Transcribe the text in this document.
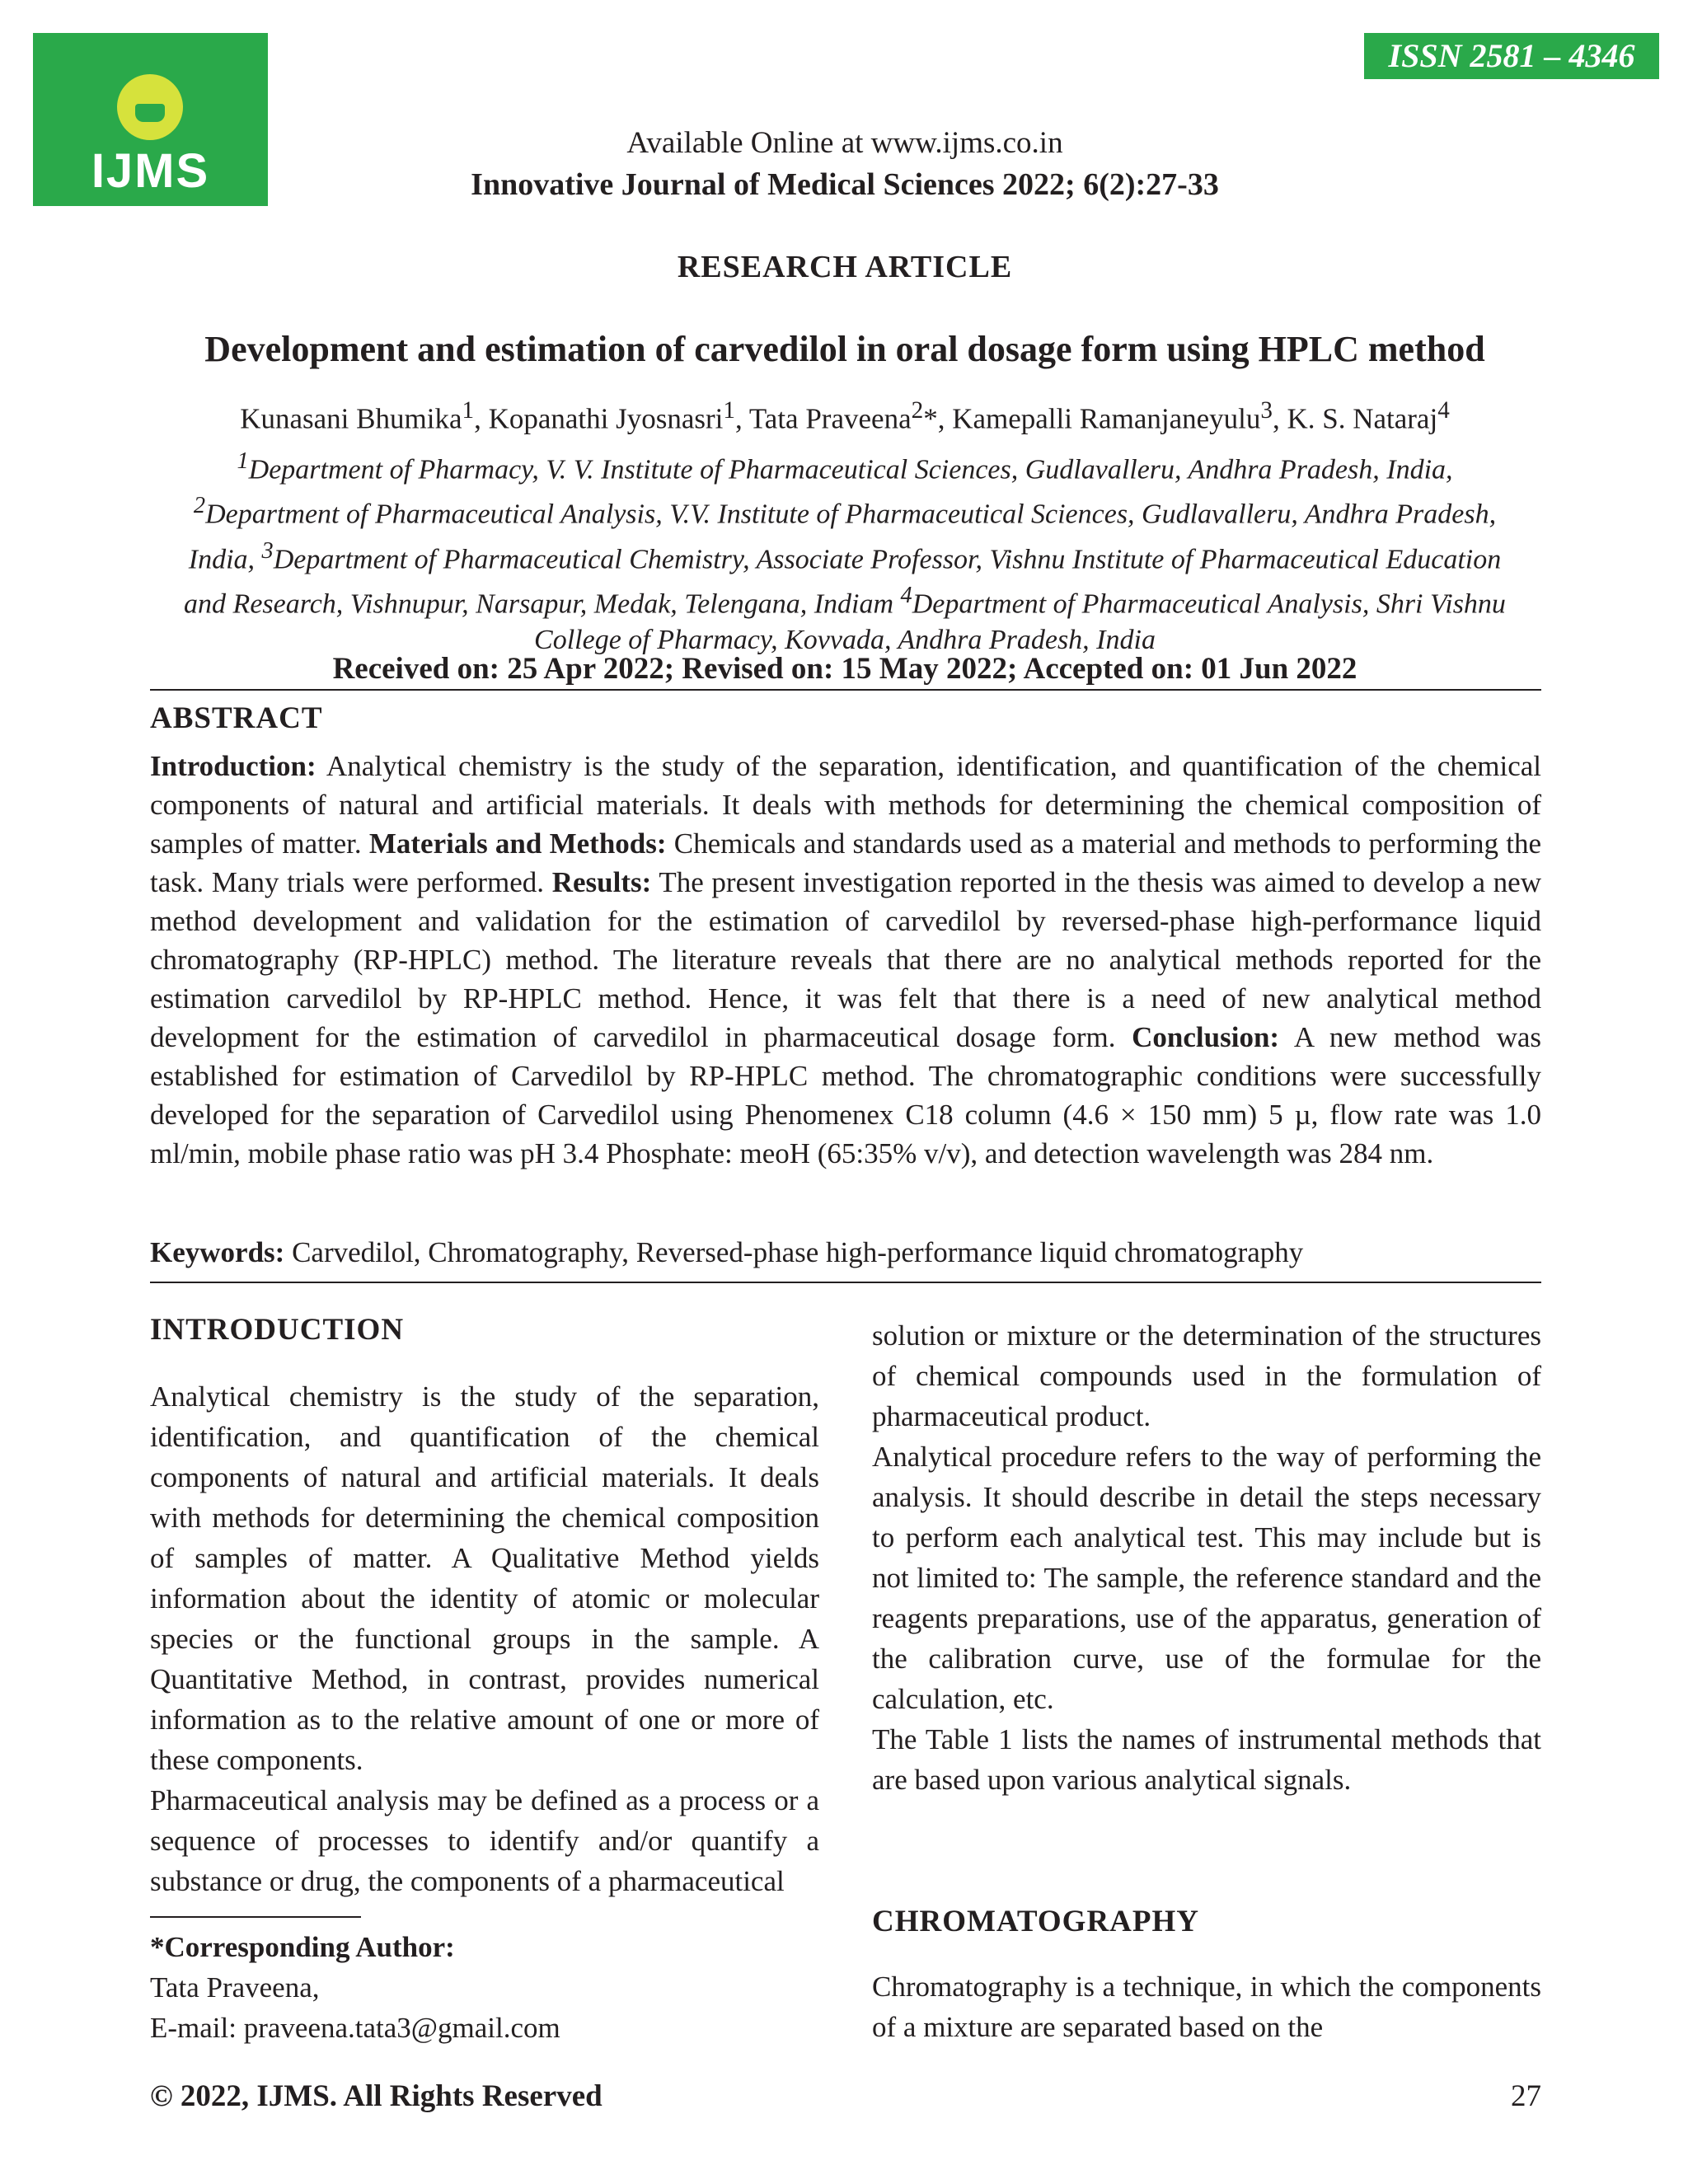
IJMS
ISSN 2581 – 4346
Available Online at www.ijms.co.in
Innovative Journal of Medical Sciences 2022; 6(2):27-33
RESEARCH ARTICLE
Development and estimation of carvedilol in oral dosage form using HPLC method
Kunasani Bhumika$^1$, Kopanathi Jyosnasri$^1$, Tata Praveena$^2$*, Kamepalli Ramanjaneyulu$^3$, K. S. Nataraj$^4$
$^1$Department of Pharmacy, V. V. Institute of Pharmaceutical Sciences, Gudlavalleru, Andhra Pradesh, India, $^2$Department of Pharmaceutical Analysis, V.V. Institute of Pharmaceutical Sciences, Gudlavalleru, Andhra Pradesh, India, $^3$Department of Pharmaceutical Chemistry, Associate Professor, Vishnu Institute of Pharmaceutical Education and Research, Vishnupur, Narsapur, Medak, Telengana, Indiam $^4$Department of Pharmaceutical Analysis, Shri Vishnu College of Pharmacy, Kovvada, Andhra Pradesh, India
Received on: 25 Apr 2022; Revised on: 15 May 2022; Accepted on: 01 Jun 2022
ABSTRACT
Introduction: Analytical chemistry is the study of the separation, identification, and quantification of the chemical components of natural and artificial materials. It deals with methods for determining the chemical composition of samples of matter. Materials and Methods: Chemicals and standards used as a material and methods to performing the task. Many trials were performed. Results: The present investigation reported in the thesis was aimed to develop a new method development and validation for the estimation of carvedilol by reversed-phase high-performance liquid chromatography (RP-HPLC) method. The literature reveals that there are no analytical methods reported for the estimation carvedilol by RP-HPLC method. Hence, it was felt that there is a need of new analytical method development for the estimation of carvedilol in pharmaceutical dosage form. Conclusion: A new method was established for estimation of Carvedilol by RP-HPLC method. The chromatographic conditions were successfully developed for the separation of Carvedilol using Phenomenex C18 column (4.6 × 150 mm) 5 µ, flow rate was 1.0 ml/min, mobile phase ratio was pH 3.4 Phosphate: meoH (65:35% v/v), and detection wavelength was 284 nm.
Keywords: Carvedilol, Chromatography, Reversed-phase high-performance liquid chromatography
INTRODUCTION

Analytical chemistry is the study of the separation, identification, and quantification of the chemical components of natural and artificial materials. It deals with methods for determining the chemical composition of samples of matter. A Qualitative Method yields information about the identity of atomic or molecular species or the functional groups in the sample. A Quantitative Method, in contrast, provides numerical information as to the relative amount of one or more of these components.

Pharmaceutical analysis may be defined as a process or a sequence of processes to identify and/or quantify a substance or drug, the components of a pharmaceutical

*Corresponding Author:
Tata Praveena,
E-mail: praveena.tata3@gmail.com

solution or mixture or the determination of the structures of chemical compounds used in the formulation of pharmaceutical product.

Analytical procedure refers to the way of performing the analysis. It should describe in detail the steps necessary to perform each analytical test. This may include but is not limited to: The sample, the reference standard and the reagents preparations, use of the apparatus, generation of the calibration curve, use of the formulae for the calculation, etc.

The Table 1 lists the names of instrumental methods that are based upon various analytical signals.

CHROMATOGRAPHY
Chromatography is a technique, in which the components of a mixture are separated based on the
© 2022, IJMS. All Rights Reserved	27
